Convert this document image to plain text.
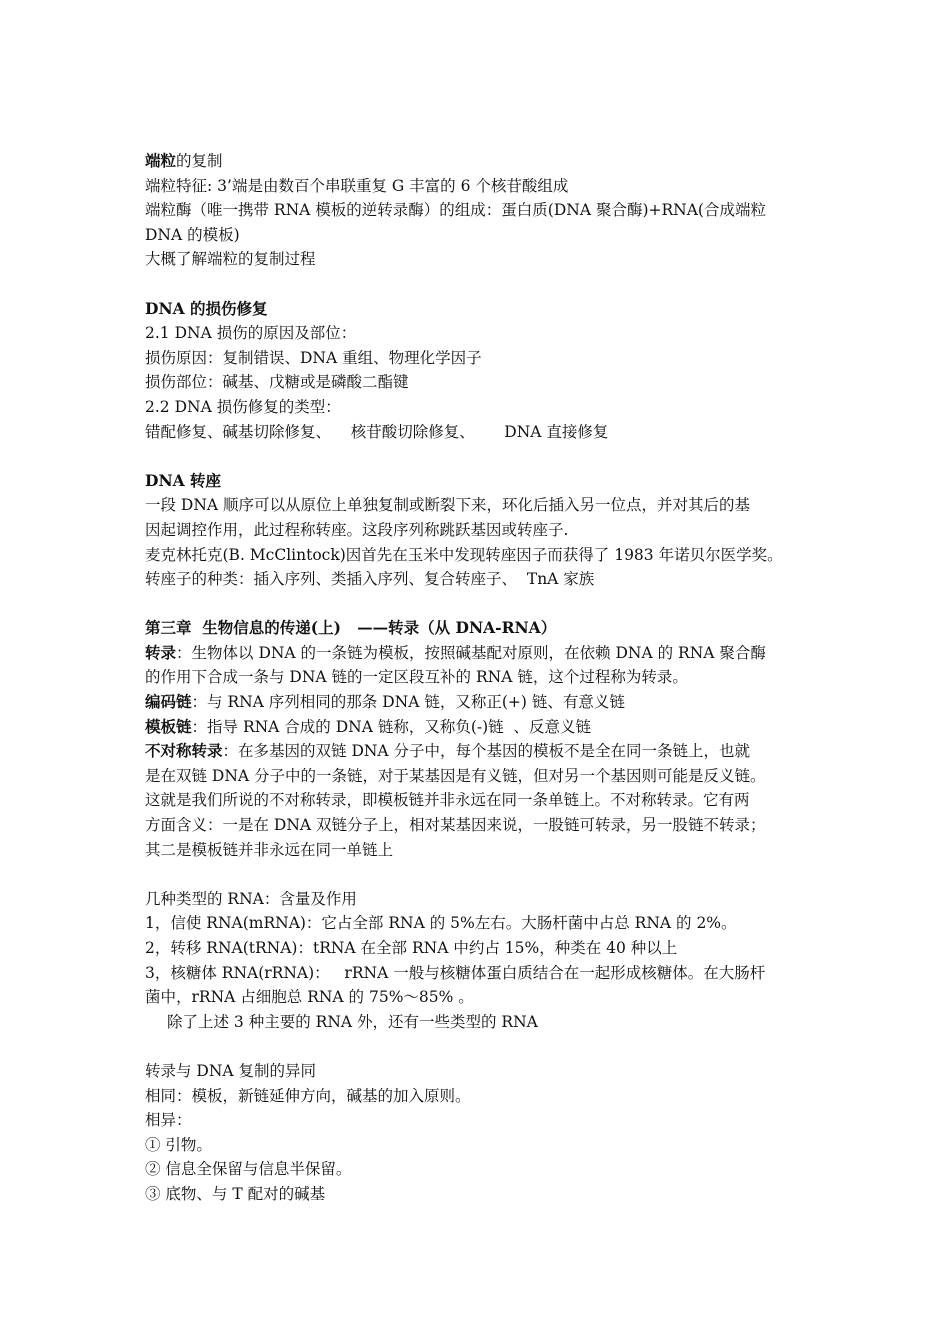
端粒的复制
端粒特征: 3’端是由数百个串联重复 G 丰富的 6 个核苷酸组成
端粒酶（唯一携带 RNA 模板的逆转录酶）的组成：蛋白质(DNA 聚合酶)+RNA(合成端粒
DNA 的模板)
大概了解端粒的复制过程
DNA 的损伤修复
2.1 DNA 损伤的原因及部位：
损伤原因：复制错误、DNA 重组、物理化学因子
损伤部位：碱基、戊糖或是磷酸二酯键
2.2 DNA 损伤修复的类型：
错配修复、碱基切除修复、    核苷酸切除修复、      DNA 直接修复
DNA 转座
一段 DNA 顺序可以从原位上单独复制或断裂下来，环化后插入另一位点，并对其后的基
因起调控作用，此过程称转座。这段序列称跳跃基因或转座子.
麦克林托克(B. McClintock)因首先在玉米中发现转座因子而获得了 1983 年诺贝尔医学奖。
转座子的种类：插入序列、类插入序列、复合转座子、  TnA 家族
第三章  生物信息的传递(上)   ——转录（从 DNA-RNA）
转录：生物体以 DNA 的一条链为模板，按照碱基配对原则，在依赖 DNA 的 RNA 聚合酶
的作用下合成一条与 DNA 链的一定区段互补的 RNA 链，这个过程称为转录。
编码链：与 RNA 序列相同的那条 DNA 链，又称正(+) 链、有意义链
模板链：指导 RNA 合成的 DNA 链称，又称负(-)链  、反意义链
不对称转录：在多基因的双链 DNA 分子中，每个基因的模板不是全在同一条链上，也就
是在双链 DNA 分子中的一条链，对于某基因是有义链，但对另一个基因则可能是反义链。
这就是我们所说的不对称转录，即模板链并非永远在同一条单链上。不对称转录。它有两
方面含义：一是在 DNA 双链分子上，相对某基因来说，一股链可转录，另一股链不转录；
其二是模板链并非永远在同一单链上
几种类型的 RNA：含量及作用
1，信使 RNA(mRNA)：它占全部 RNA 的 5%左右。大肠杆菌中占总 RNA 的 2%。
2，转移 RNA(tRNA)：tRNA 在全部 RNA 中约占 15%，种类在 40 种以上
3，核糖体 RNA(rRNA)：   rRNA 一般与核糖体蛋白质结合在一起形成核糖体。在大肠杆
菌中，rRNA 占细胞总 RNA 的 75%～85% 。
除了上述 3 种主要的 RNA 外，还有一些类型的 RNA
转录与 DNA 复制的异同
相同：模板，新链延伸方向，碱基的加入原则。
相异：
① 引物。
② 信息全保留与信息半保留。
③ 底物、与 T 配对的碱基
